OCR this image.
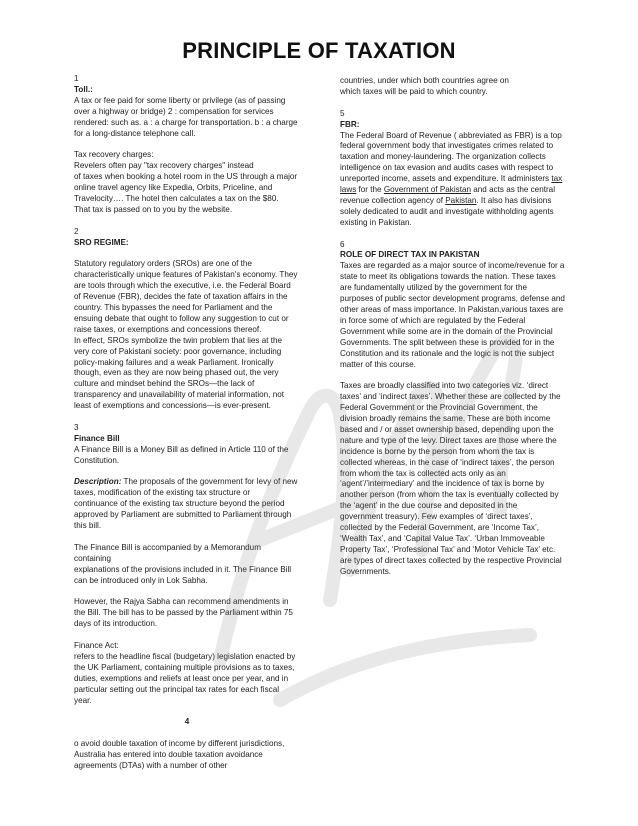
PRINCIPLE OF TAXATION

1

Toll.:

A tax or fee paid for some liberty or privilege (as of passing
over a highway or bridge) 2 : compensation for services
rendered: such as. a : a charge for transportation. b : a charge
for a long-distance telephone call.

Tax recovery charges:
Revelers often pay "tax recovery charges" instead
of taxes when booking a hotel room in the US through a major
online travel agency like Expedia, Orbits, Priceline, and
Travelocity…. The hotel then calculates a tax on the $80.
That tax is passed on to you by the website.

2

SRO REGIME:

Statutory regulatory orders (SROs) are one of the
characteristically unique features of Pakistan's economy. They
are tools through which the executive, i.e. the Federal Board
of Revenue (FBR), decides the fate of taxation affairs in the
country. This bypasses the need for Parliament and the
ensuing debate that ought to follow any suggestion to cut or
raise taxes, or exemptions and concessions thereof.
In effect, SROs symbolize the twin problem that lies at the
very core of Pakistani society: poor governance, including
policy-making failures and a weak Parliament. Ironically
though, even as they are now being phased out, the very
culture and mindset behind the SROs—the lack of
transparency and unavailability of material information, not
least of exemptions and concessions—is ever-present.

3

Finance Bill

A Finance Bill is a Money Bill as defined in Article 110 of the
Constitution.

Description: The proposals of the government for levy of new
taxes, modification of the existing tax structure or
continuance of the existing tax structure beyond the period
approved by Parliament are submitted to Parliament through
this bill.

The Finance Bill is accompanied by a Memorandum containing
explanations of the provisions included in it. The Finance Bill
can be introduced only in Lok Sabha.

However, the Rajya Sabha can recommend amendments in
the Bill. The bill has to be passed by the Parliament within 75
days of its introduction.

Finance Act:
refers to the headline fiscal (budgetary) legislation enacted by
the UK Parliament, containing multiple provisions as to taxes,
duties, exemptions and reliefs at least once per year, and in
particular setting out the principal tax rates for each fiscal
year.

4

o avoid double taxation of income by different jurisdictions,
Australia has entered into double taxation avoidance
agreements (DTAs) with a number of other

countries, under which both countries agree on
which taxes will be paid to which country.

5

FBR:

The Federal Board of Revenue ( abbreviated as FBR) is a top
federal government body that investigates crimes related to
taxation and money-laundering. The organization collects
intelligence on tax evasion and audits cases with respect to
unreported income, assets and expenditure. It administers tax
laws for the Government of Pakistan and acts as the central
revenue collection agency of Pakistan. It also has divisions
solely dedicated to audit and investigate withholding agents
existing in Pakistan.

6

ROLE OF DIRECT TAX IN PAKISTAN

Taxes are regarded as a major source of income/revenue for a
state to meet its obligations towards the nation. These taxes
are fundamentally utilized by the government for the
purposes of public sector development programs, defense and
other areas of mass importance. In Pakistan,various taxes are
in force some of which are regulated by the Federal
Government while some are in the domain of the Provincial
Governments. The split between these is provided for in the
Constitution and its rationale and the logic is not the subject
matter of this course.

Taxes are broadly classified into two categories viz. ‘direct
taxes’ and ‘indirect taxes’. Whether these are collected by the
Federal Government or the Provincial Government, the
division broadly remains the same. These are both income
based and / or asset ownership based, depending upon the
nature and type of the levy. Direct taxes are those where the
incidence is borne by the person from whom the tax is
collected whereas, in the case of ‘indirect taxes’, the person
from whom the tax is collected acts only as an
‘agent’/’intermediary’ and the incidence of tax is borne by
another person (from whom the tax is eventually collected by
the ‘agent’ in the due course and deposited in the
government treasury). Few examples of ‘direct taxes’,
collected by the Federal Government, are ‘Income Tax’,
‘Wealth Tax’, and ‘Capital Value Tax’. ‘Urban Immoveable
Property Tax’, ‘Professional Tax’ and ‘Motor Vehicle Tax’ etc.
are types of direct taxes collected by the respective Provincial
Governments.
